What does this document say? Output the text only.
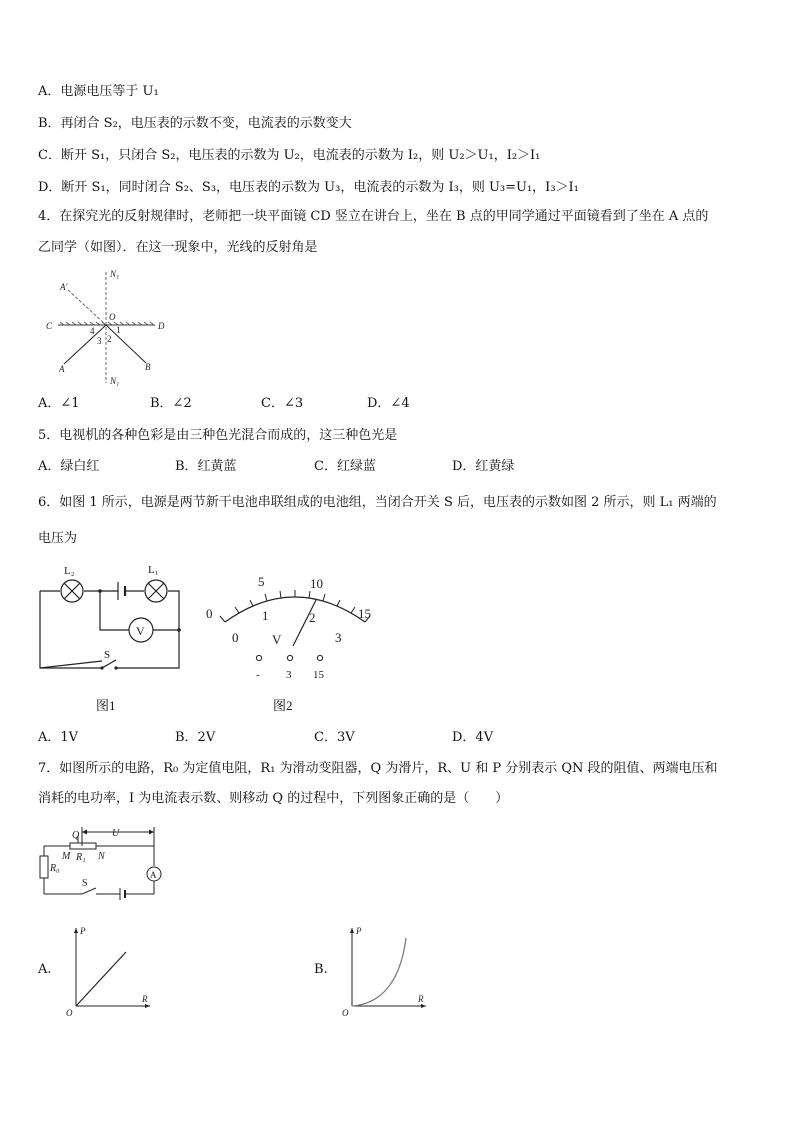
A．电源电压等于 U₁
B．再闭合 S₂，电压表的示数不变，电流表的示数变大
C．断开 S₁，只闭合 S₂，电压表的示数为 U₂，电流表的示数为 I₂，则 U₂＞U₁，I₂＞I₁
D．断开 S₁，同时闭合 S₂、S₃，电压表的示数为 U₃，电流表的示数为 I₃，则 U₃=U₁，I₃＞I₁
4．在探究光的反射规律时，老师把一块平面镜 CD 竖立在讲台上，坐在 B 点的甲同学通过平面镜看到了坐在 A 点的
乙同学（如图）．在这一现象中，光线的反射角是
N₁
N₁
A′
O
C	D
A	B
1
2
3
4
A．∠1	B．∠2	C．∠3	D．∠4
5．电视机的各种色彩是由三种色光混合而成的，这三种色光是
A．绿白红	B．红黄蓝	C．红绿蓝	D．红黄绿
6．如图 1 所示，电源是两节新干电池串联组成的电池组，当闭合开关 S 后，电压表的示数如图 2 所示，则 L₁ 两端的
电压为
L₂	L₁
V
S
图1
0
5	10
15
0
1	2
3
V
- 3 15
图2
A．1V	B．2V	C．3V	D．4V
7．如图所示的电路，R₀ 为定值电阻，R₁ 为滑动变阻器，Q 为滑片，R、U 和 P 分别表示 QN 段的阻值、两端电压和
消耗的电功率，I 为电流表示数、则移动 Q 的过程中，下列图象正确的是（　　）
Q	U
M R₁ N
R₀
A
S
A.
P
R
O
B.
P
R
O
